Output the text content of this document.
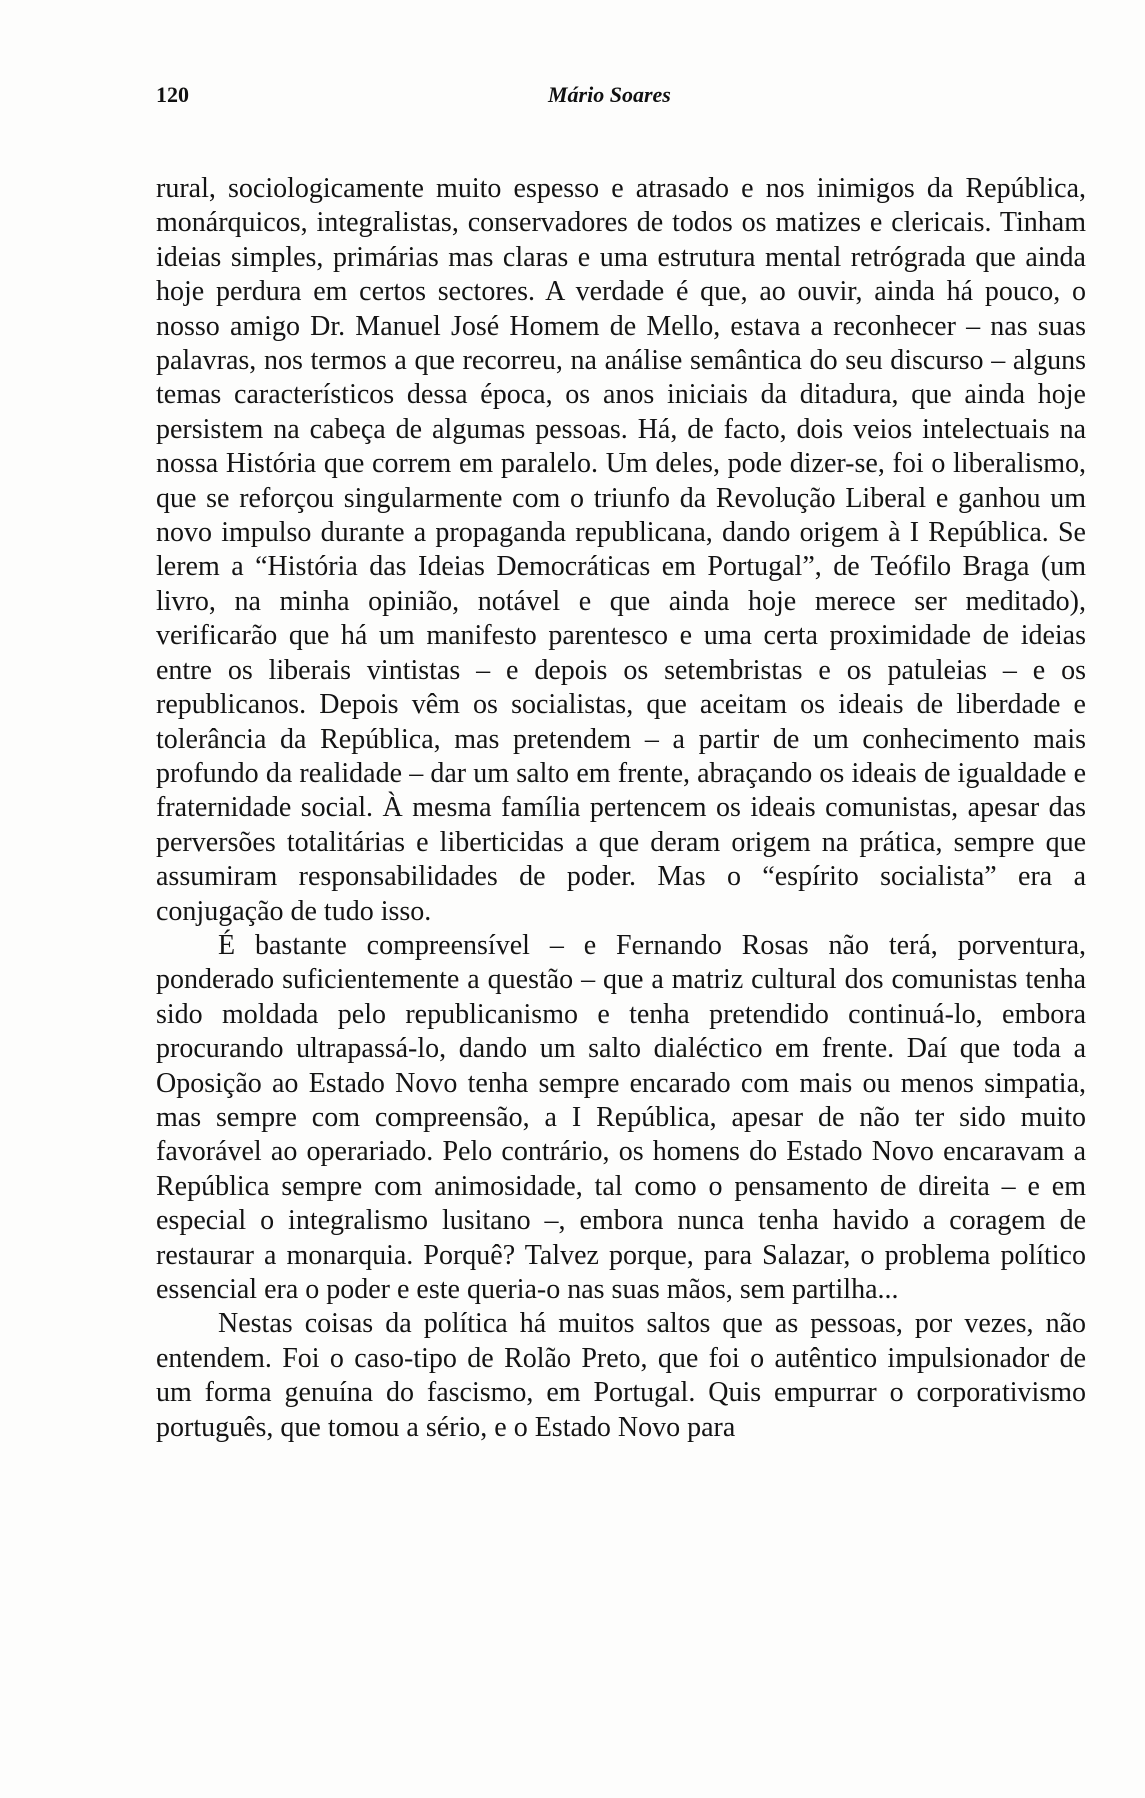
120	Mário Soares

rural, sociologicamente muito espesso e atrasado e nos inimigos da República, monárquicos, integralistas, conservadores de todos os matizes e clericais. Tinham ideias simples, primárias mas claras e uma estrutura mental retrógrada que ainda hoje perdura em certos sectores. A verdade é que, ao ouvir, ainda há pouco, o nosso amigo Dr. Manuel José Homem de Mello, estava a reconhecer – nas suas palavras, nos termos a que recorreu, na análise semântica do seu discurso – alguns temas característicos dessa época, os anos iniciais da ditadura, que ainda hoje persistem na cabeça de algumas pessoas. Há, de facto, dois veios intelectuais na nossa História que correm em paralelo. Um deles, pode dizer-se, foi o liberalismo, que se reforçou singularmente com o triunfo da Revolução Liberal e ganhou um novo impulso durante a propaganda republicana, dando origem à I República. Se lerem a “História das Ideias Democráticas em Portugal”, de Teófilo Braga (um livro, na minha opinião, notável e que ainda hoje merece ser meditado), verificarão que há um manifesto parentesco e uma certa proximidade de ideias entre os liberais vintistas – e depois os setembristas e os patuleias – e os republicanos. Depois vêm os socialistas, que aceitam os ideais de liberdade e tolerância da República, mas pretendem – a partir de um conhecimento mais profundo da realidade – dar um salto em frente, abraçando os ideais de igualdade e fraternidade social. À mesma família pertencem os ideais comunistas, apesar das perversões totalitárias e liberticidas a que deram origem na prática, sempre que assumiram responsabilidades de poder. Mas o “espírito socialista” era a conjugação de tudo isso.

É bastante compreensível – e Fernando Rosas não terá, porventura, ponderado suficientemente a questão – que a matriz cultural dos comunistas tenha sido moldada pelo republicanismo e tenha pretendido continuá-lo, embora procurando ultrapassá-lo, dando um salto dialéctico em frente. Daí que toda a Oposição ao Estado Novo tenha sempre encarado com mais ou menos simpatia, mas sempre com compreensão, a I República, apesar de não ter sido muito favorável ao operariado. Pelo contrário, os homens do Estado Novo encaravam a República sempre com animosidade, tal como o pensamento de direita – e em especial o integralismo lusitano –, embora nunca tenha havido a coragem de restaurar a monarquia. Porquê? Talvez porque, para Salazar, o problema político essencial era o poder e este queria-o nas suas mãos, sem partilha...

Nestas coisas da política há muitos saltos que as pessoas, por vezes, não entendem. Foi o caso-tipo de Rolão Preto, que foi o autêntico impulsionador de um forma genuína do fascismo, em Portugal. Quis empurrar o corporativismo português, que tomou a sério, e o Estado Novo para
